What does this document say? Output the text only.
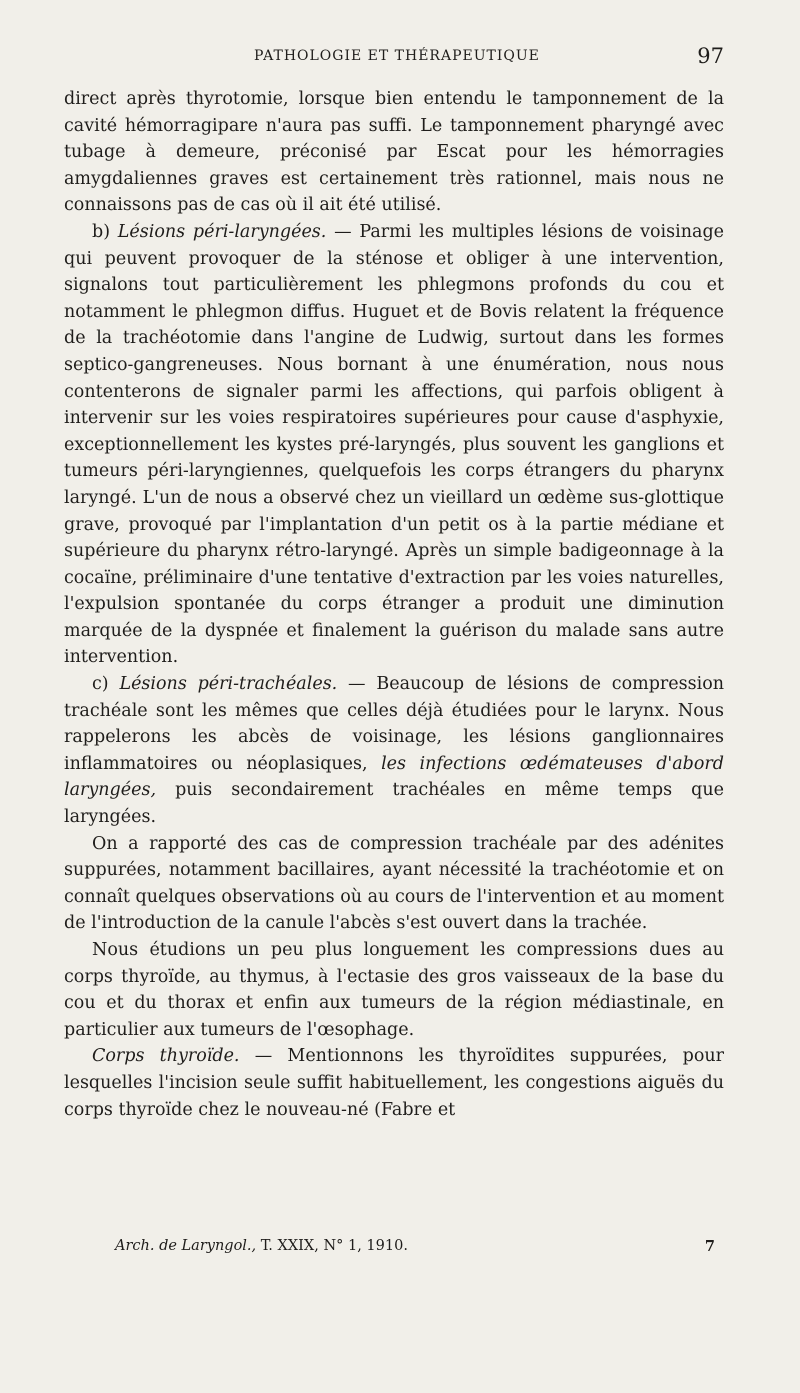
PATHOLOGIE ET THÉRAPEUTIQUE	97

direct après thyrotomie, lorsque bien entendu le tamponnement de la cavité hémorragipare n'aura pas suffi. Le tamponnement pharyngé avec tubage à demeure, préconisé par Escat pour les hémorragies amygdaliennes graves est certainement très rationnel, mais nous ne connaissons pas de cas où il ait été utilisé.

b) Lésions péri-laryngées. — Parmi les multiples lésions de voisinage qui peuvent provoquer de la sténose et obliger à une intervention, signalons tout particulièrement les phlegmons profonds du cou et notamment le phlegmon diffus. Huguet et de Bovis relatent la fréquence de la trachéotomie dans l'angine de Ludwig, surtout dans les formes septico-gangreneuses. Nous bornant à une énumération, nous nous contenterons de signaler parmi les affections, qui parfois obligent à intervenir sur les voies respiratoires supérieures pour cause d'asphyxie, exceptionnellement les kystes pré-laryngés, plus souvent les ganglions et tumeurs péri-laryngiennes, quelquefois les corps étrangers du pharynx laryngé. L'un de nous a observé chez un vieillard un œdème sus-glottique grave, provoqué par l'implantation d'un petit os à la partie médiane et supérieure du pharynx rétro-laryngé. Après un simple badigeonnage à la cocaïne, préliminaire d'une tentative d'extraction par les voies naturelles, l'expulsion spontanée du corps étranger a produit une diminution marquée de la dyspnée et finalement la guérison du malade sans autre intervention.

c) Lésions péri-trachéales. — Beaucoup de lésions de compression trachéale sont les mêmes que celles déjà étudiées pour le larynx. Nous rappelerons les abcès de voisinage, les lésions ganglionnaires inflammatoires ou néoplasiques, les infections œdémateuses d'abord laryngées, puis secondairement trachéales en même temps que laryngées.

On a rapporté des cas de compression trachéale par des adénites suppurées, notamment bacillaires, ayant nécessité la trachéotomie et on connaît quelques observations où au cours de l'intervention et au moment de l'introduction de la canule l'abcès s'est ouvert dans la trachée.

Nous étudions un peu plus longuement les compressions dues au corps thyroïde, au thymus, à l'ectasie des gros vaisseaux de la base du cou et du thorax et enfin aux tumeurs de la région médiastinale, en particulier aux tumeurs de l'œsophage.

Corps thyroïde. — Mentionnons les thyroïdites suppurées, pour lesquelles l'incision seule suffit habituellement, les congestions aiguës du corps thyroïde chez le nouveau-né (Fabre et

Arch. de Laryngol., T. XXIX, N° 1, 1910.	7
